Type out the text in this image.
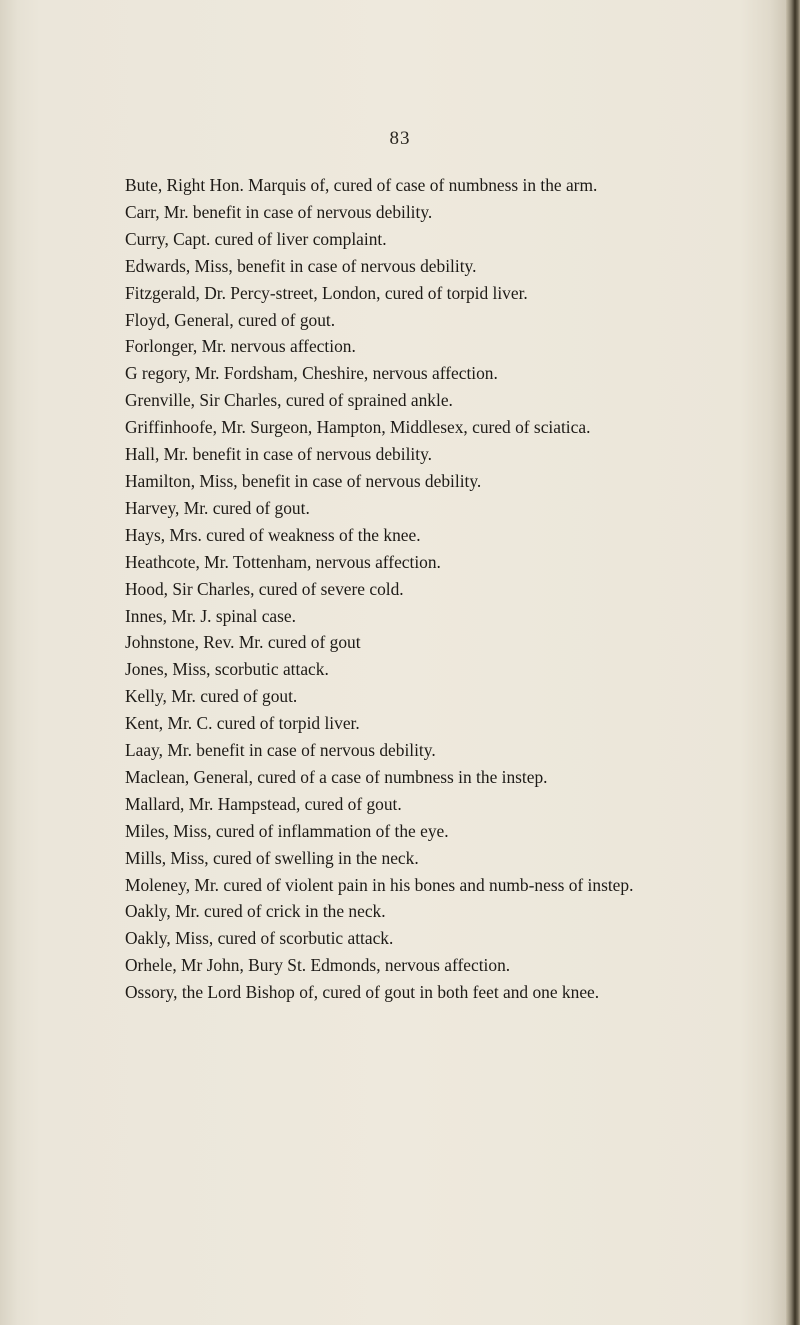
83
Bute, Right Hon. Marquis of, cured of case of numbness in the arm.
Carr, Mr. benefit in case of nervous debility.
Curry, Capt. cured of liver complaint.
Edwards, Miss, benefit in case of nervous debility.
Fitzgerald, Dr. Percy-street, London, cured of torpid liver.
Floyd, General, cured of gout.
Forlonger, Mr. nervous affection.
G regory, Mr. Fordsham, Cheshire, nervous affection.
Grenville, Sir Charles, cured of sprained ankle.
Griffinhoofe, Mr. Surgeon, Hampton, Middlesex, cured of sciatica.
Hall, Mr. benefit in case of nervous debility.
Hamilton, Miss, benefit in case of nervous debility.
Harvey, Mr. cured of gout.
Hays, Mrs. cured of weakness of the knee.
Heathcote, Mr. Tottenham, nervous affection.
Hood, Sir Charles, cured of severe cold.
Innes, Mr. J. spinal case.
Johnstone, Rev. Mr. cured of gout
Jones, Miss, scorbutic attack.
Kelly, Mr. cured of gout.
Kent, Mr. C. cured of torpid liver.
Laay, Mr. benefit in case of nervous debility.
Maclean, General, cured of a case of numbness in the instep.
Mallard, Mr. Hampstead, cured of gout.
Miles, Miss, cured of inflammation of the eye.
Mills, Miss, cured of swelling in the neck.
Moleney, Mr. cured of violent pain in his bones and numb-ness of instep.
Oakly, Mr. cured of crick in the neck.
Oakly, Miss, cured of scorbutic attack.
Orhele, Mr John, Bury St. Edmonds, nervous affection.
Ossory, the Lord Bishop of, cured of gout in both feet and one knee.
